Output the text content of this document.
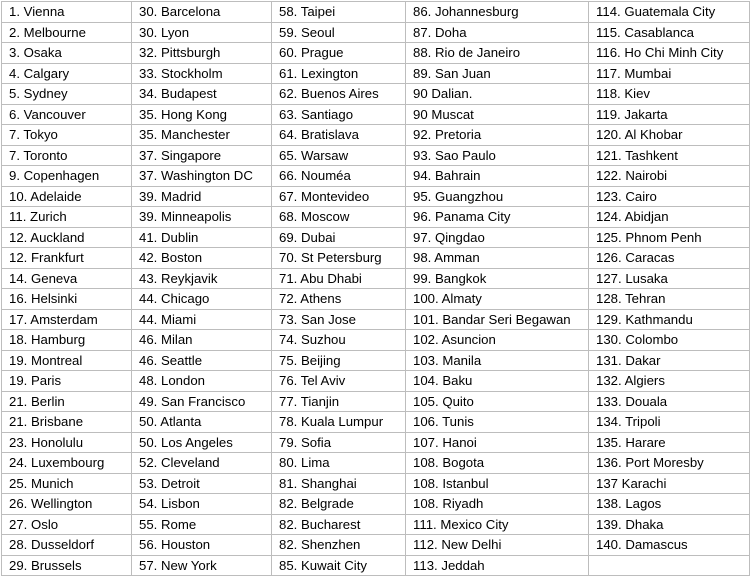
1. Vienna	30. Barcelona	58. Taipei	86. Johannesburg	114. Guatemala City
2. Melbourne	30. Lyon	59. Seoul	87. Doha	115. Casablanca
3. Osaka	32. Pittsburgh	60. Prague	88. Rio de Janeiro	116. Ho Chi Minh City
4. Calgary	33. Stockholm	61. Lexington	89. San Juan	117. Mumbai
5. Sydney	34. Budapest	62. Buenos Aires	90 Dalian.	118. Kiev
6. Vancouver	35. Hong Kong	63. Santiago	90 Muscat	119. Jakarta
7. Tokyo	35. Manchester	64. Bratislava	92. Pretoria	120. Al Khobar
7. Toronto	37. Singapore	65. Warsaw	93. Sao Paulo	121. Tashkent
9. Copenhagen	37. Washington DC	66. Nouméa	94. Bahrain	122. Nairobi
10. Adelaide	39. Madrid	67. Montevideo	95. Guangzhou	123. Cairo
11. Zurich	39. Minneapolis	68. Moscow	96. Panama City	124. Abidjan
12. Auckland	41. Dublin	69. Dubai	97. Qingdao	125. Phnom Penh
12. Frankfurt	42. Boston	70. St Petersburg	98. Amman	126. Caracas
14. Geneva	43. Reykjavik	71. Abu Dhabi	99. Bangkok	127. Lusaka
16. Helsinki	44. Chicago	72. Athens	100. Almaty	128. Tehran
17. Amsterdam	44. Miami	73. San Jose	101. Bandar Seri Begawan	129. Kathmandu
18. Hamburg	46. Milan	74. Suzhou	102. Asuncion	130. Colombo
19. Montreal	46. Seattle	75. Beijing	103. Manila	131. Dakar
19. Paris	48. London	76. Tel Aviv	104. Baku	132. Algiers
21. Berlin	49. San Francisco	77. Tianjin	105. Quito	133. Douala
21. Brisbane	50. Atlanta	78. Kuala Lumpur	106. Tunis	134. Tripoli
23. Honolulu	50. Los Angeles	79. Sofia	107. Hanoi	135. Harare
24. Luxembourg	52. Cleveland	80. Lima	108. Bogota	136. Port Moresby
25. Munich	53. Detroit	81. Shanghai	108. Istanbul	137 Karachi
26. Wellington	54. Lisbon	82. Belgrade	108. Riyadh	138. Lagos
27. Oslo	55. Rome	82. Bucharest	111. Mexico City	139. Dhaka
28. Dusseldorf	56. Houston	82. Shenzhen	112. New Delhi	140. Damascus
29. Brussels	57. New York	85. Kuwait City	113. Jeddah	
